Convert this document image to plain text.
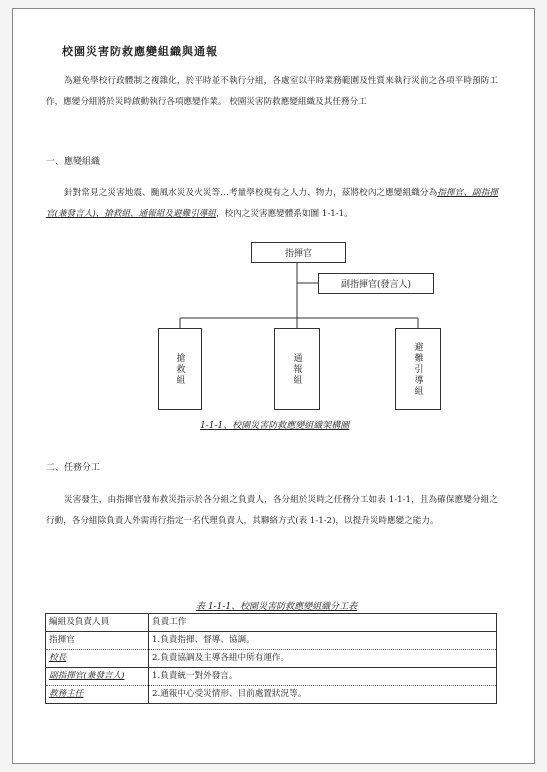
校園災害防救應變組織與通報
為避免學校行政體制之複雜化，於平時並不執行分組，各處室以平時業務範圍及性質來執行災前之各項平時預防工作，應變分組將於災時啟動執行各項應變作業。 校園災害防救應變組織及其任務分工
一、應變組織
針對常見之災害地震、颱風水災及火災等…考量學校現有之人力、物力，茲將校內之應變組織分為指揮官、副指揮官(兼發言人)、搶救組、通報組及避難引導組，校內之災害應變體系如圖 1-1-1。
指揮官
副指揮官(發言人)
搶救組	通報組	避難引導組
1-1-1、校園災害防救應變組織架構圖
二、任務分工
災害發生，由指揮官發布救災指示於各分組之負責人，各分組於災時之任務分工如表 1-1-1，且為確保應變分組之行動，各分組除負責人外需再行指定一名代理負責人，其聯絡方式(表 1-1-2)，以提升災時應變之能力。
表 1-1-1、校園災害防救應變組織分工表
編組及負責人員	負責工作
指揮官	1.負責指揮、督導、協調。
校長	2.負責協調及主導各組中所有運作。
副指揮官(兼發言人)	1.負責統一對外發言。
教務主任	2.通報中心受災情形、目前處置狀況等。
